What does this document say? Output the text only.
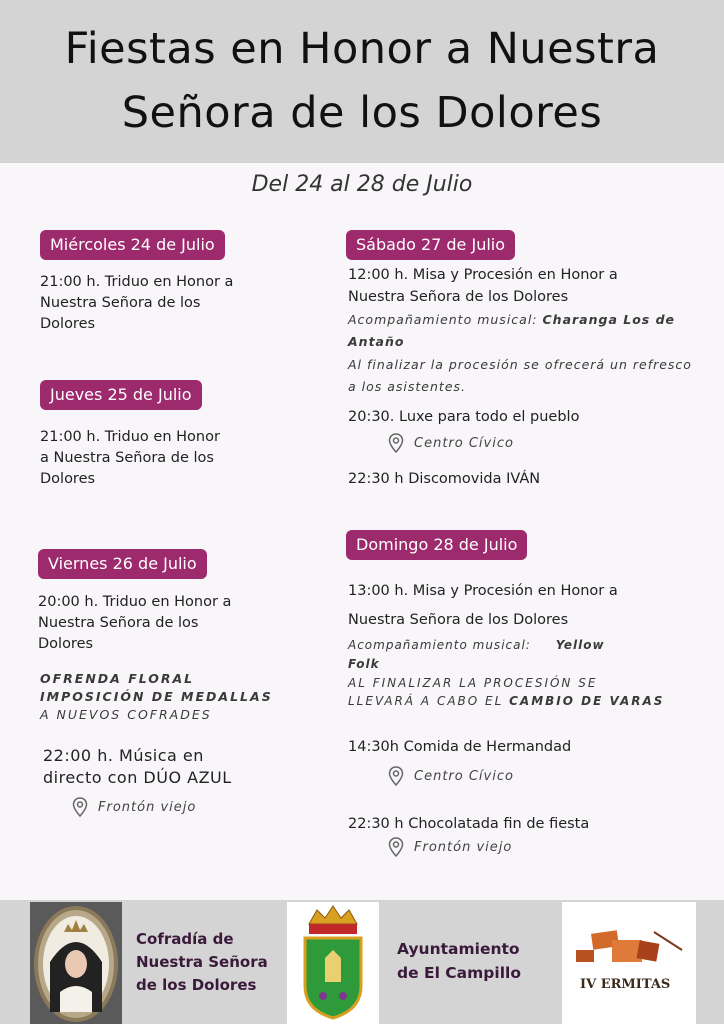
Fiestas en Honor a Nuestra
Señora de los Dolores
Del 24 al 28 de Julio
Miércoles 24 de Julio
21:00 h. Triduo en Honor a
Nuestra Señora de los
Dolores
Jueves 25 de Julio
21:00 h. Triduo en Honor
a Nuestra Señora de los
Dolores
Viernes 26 de Julio
20:00 h. Triduo en Honor a
Nuestra Señora de los
Dolores
OFRENDA FLORAL
IMPOSICIÓN DE MEDALLAS
A NUEVOS COFRADES
22:00 h. Música en
directo con DÚO AZUL
Frontón viejo
Sábado 27 de Julio
12:00 h. Misa y Procesión en Honor a
Nuestra Señora de los Dolores
Acompañamiento musical: Charanga Los de
Antaño
Al finalizar la procesión se ofrecerá un refresco
a los asistentes.
20:30. Luxe para todo el pueblo
Centro Cívico
22:30 h Discomovida IVÁN
Domingo 28 de Julio
13:00 h. Misa y Procesión en Honor a
Nuestra Señora de los Dolores
Acompañamiento musical: Yellow
Folk
AL FINALIZAR LA PROCESIÓN SE
LLEVARÁ A CABO EL CAMBIO DE VARAS
14:30h Comida de Hermandad
Centro Cívico
22:30 h Chocolatada fin de fiesta
Frontón viejo
Cofradía de
Nuestra Señora
de los Dolores
Ayuntamiento
de El Campillo
IV ERMITAS
